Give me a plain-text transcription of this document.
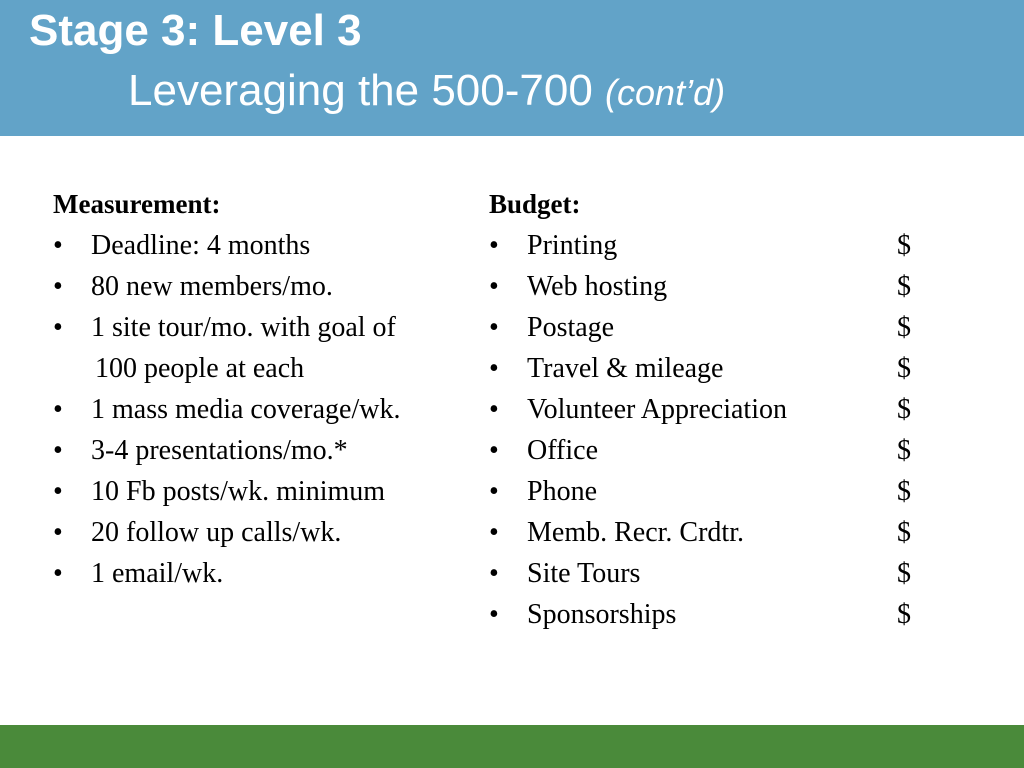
Stage 3: Level 3
Leveraging the 500-700 (cont’d)
Measurement:
•	Deadline: 4 months
•	80 new members/mo.
•	1 site tour/mo. with goal of
100 people at each
•	1 mass media coverage/wk.
•	3-4 presentations/mo.*
•	10 Fb posts/wk. minimum
•	20 follow up calls/wk.
•	1 email/wk.
Budget:
•	Printing	$
•	Web hosting	$
•	Postage	$
•	Travel & mileage	$
•	Volunteer Appreciation	$
•	Office	$
•	Phone	$
•	Memb. Recr. Crdtr.	$
•	Site Tours	$
•	Sponsorships	$
